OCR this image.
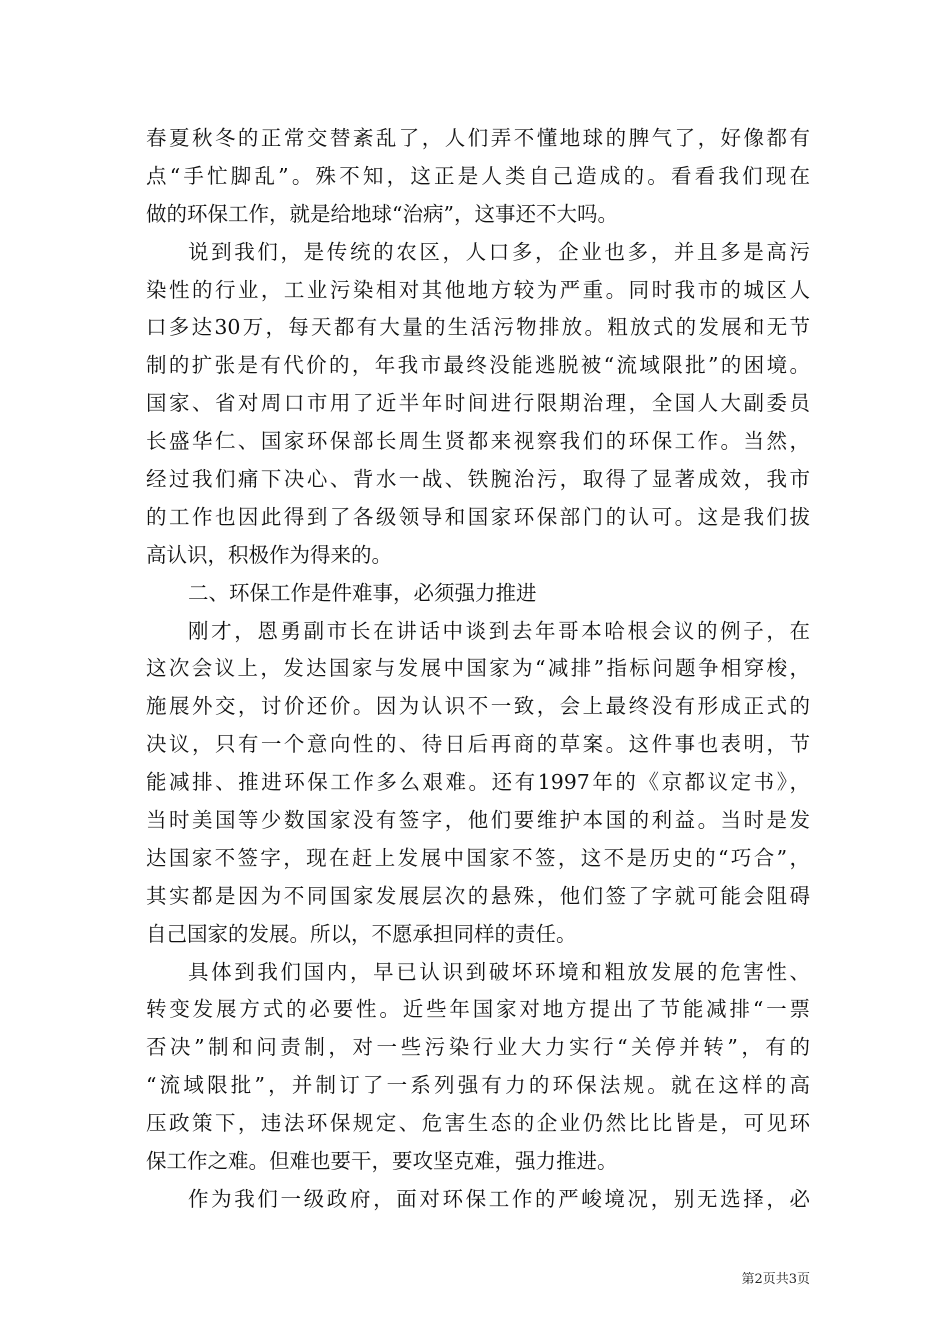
春夏秋冬的正常交替紊乱了，人们弄不懂地球的脾气了，好像都有
点“手忙脚乱”。殊不知，这正是人类自己造成的。看看我们现在
做的环保工作，就是给地球“治病”，这事还不大吗。
说到我们，是传统的农区，人口多，企业也多，并且多是高污
染性的行业，工业污染相对其他地方较为严重。同时我市的城区人
口多达30万，每天都有大量的生活污物排放。粗放式的发展和无节
制的扩张是有代价的，年我市最终没能逃脱被“流域限批”的困境。
国家、省对周口市用了近半年时间进行限期治理，全国人大副委员
长盛华仁、国家环保部长周生贤都来视察我们的环保工作。当然，
经过我们痛下决心、背水一战、铁腕治污，取得了显著成效，我市
的工作也因此得到了各级领导和国家环保部门的认可。这是我们拔
高认识，积极作为得来的。
二、环保工作是件难事，必须强力推进
刚才，恩勇副市长在讲话中谈到去年哥本哈根会议的例子，在
这次会议上，发达国家与发展中国家为“减排”指标问题争相穿梭，
施展外交，讨价还价。因为认识不一致，会上最终没有形成正式的
决议，只有一个意向性的、待日后再商的草案。这件事也表明，节
能减排、推进环保工作多么艰难。还有1997年的《京都议定书》，
当时美国等少数国家没有签字，他们要维护本国的利益。当时是发
达国家不签字，现在赶上发展中国家不签，这不是历史的“巧合”，
其实都是因为不同国家发展层次的悬殊，他们签了字就可能会阻碍
自己国家的发展。所以，不愿承担同样的责任。
具体到我们国内，早已认识到破坏环境和粗放发展的危害性、
转变发展方式的必要性。近些年国家对地方提出了节能减排“一票
否决”制和问责制，对一些污染行业大力实行“关停并转”，有的
“流域限批”，并制订了一系列强有力的环保法规。就在这样的高
压政策下，违法环保规定、危害生态的企业仍然比比皆是，可见环
保工作之难。但难也要干，要攻坚克难，强力推进。
作为我们一级政府，面对环保工作的严峻境况，别无选择，必
第2页共3页
